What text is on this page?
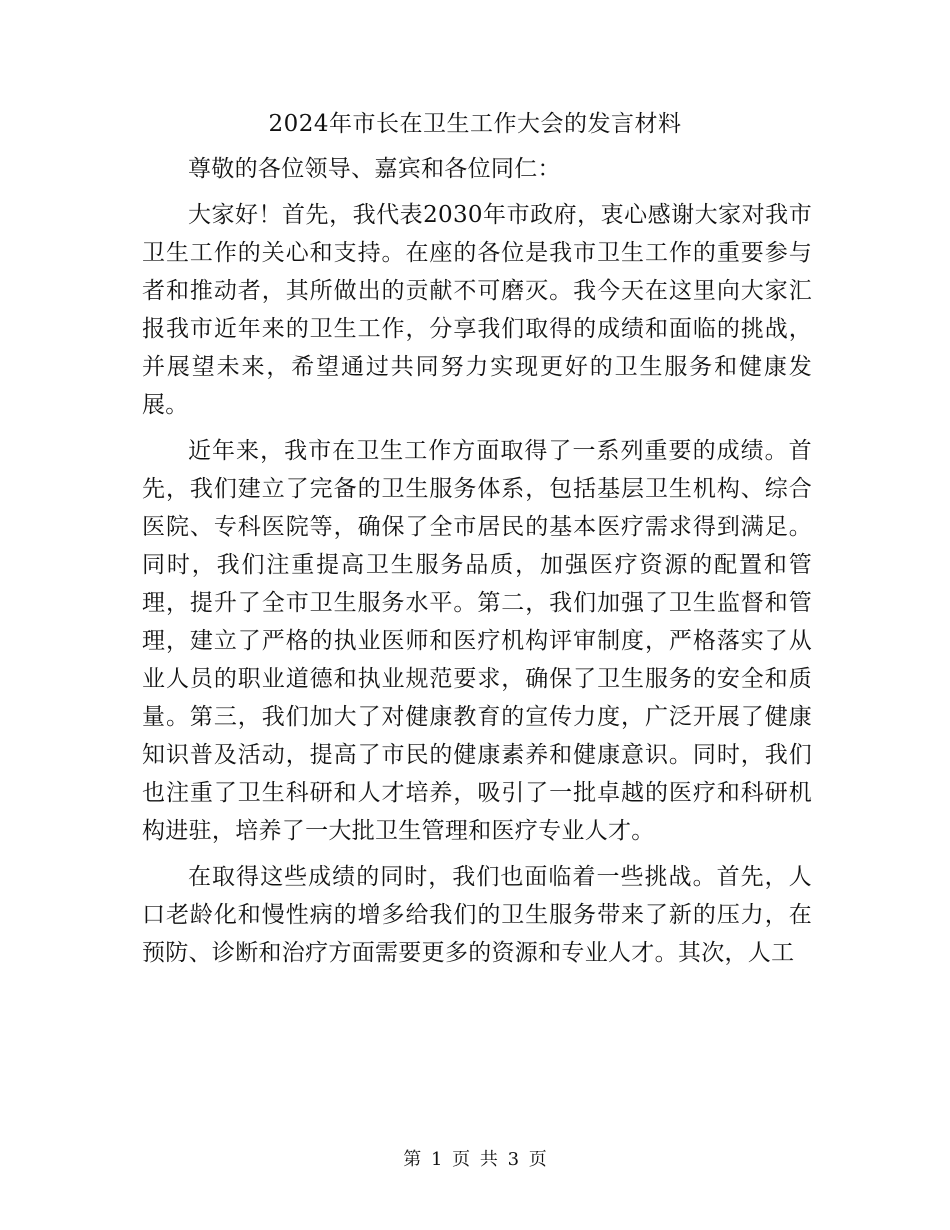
2024年市长在卫生工作大会的发言材料

尊敬的各位领导、嘉宾和各位同仁：

大家好！首先，我代表2030年市政府，衷心感谢大家对我市卫生工作的关心和支持。在座的各位是我市卫生工作的重要参与者和推动者，其所做出的贡献不可磨灭。我今天在这里向大家汇报我市近年来的卫生工作，分享我们取得的成绩和面临的挑战，并展望未来，希望通过共同努力实现更好的卫生服务和健康发展。

近年来，我市在卫生工作方面取得了一系列重要的成绩。首先，我们建立了完备的卫生服务体系，包括基层卫生机构、综合医院、专科医院等，确保了全市居民的基本医疗需求得到满足。同时，我们注重提高卫生服务品质，加强医疗资源的配置和管理，提升了全市卫生服务水平。第二，我们加强了卫生监督和管理，建立了严格的执业医师和医疗机构评审制度，严格落实了从业人员的职业道德和执业规范要求，确保了卫生服务的安全和质量。第三，我们加大了对健康教育的宣传力度，广泛开展了健康知识普及活动，提高了市民的健康素养和健康意识。同时，我们也注重了卫生科研和人才培养，吸引了一批卓越的医疗和科研机构进驻，培养了一大批卫生管理和医疗专业人才。

在取得这些成绩的同时，我们也面临着一些挑战。首先，人口老龄化和慢性病的增多给我们的卫生服务带来了新的压力，在预防、诊断和治疗方面需要更多的资源和专业人才。其次，人工

第 1 页 共 3 页
